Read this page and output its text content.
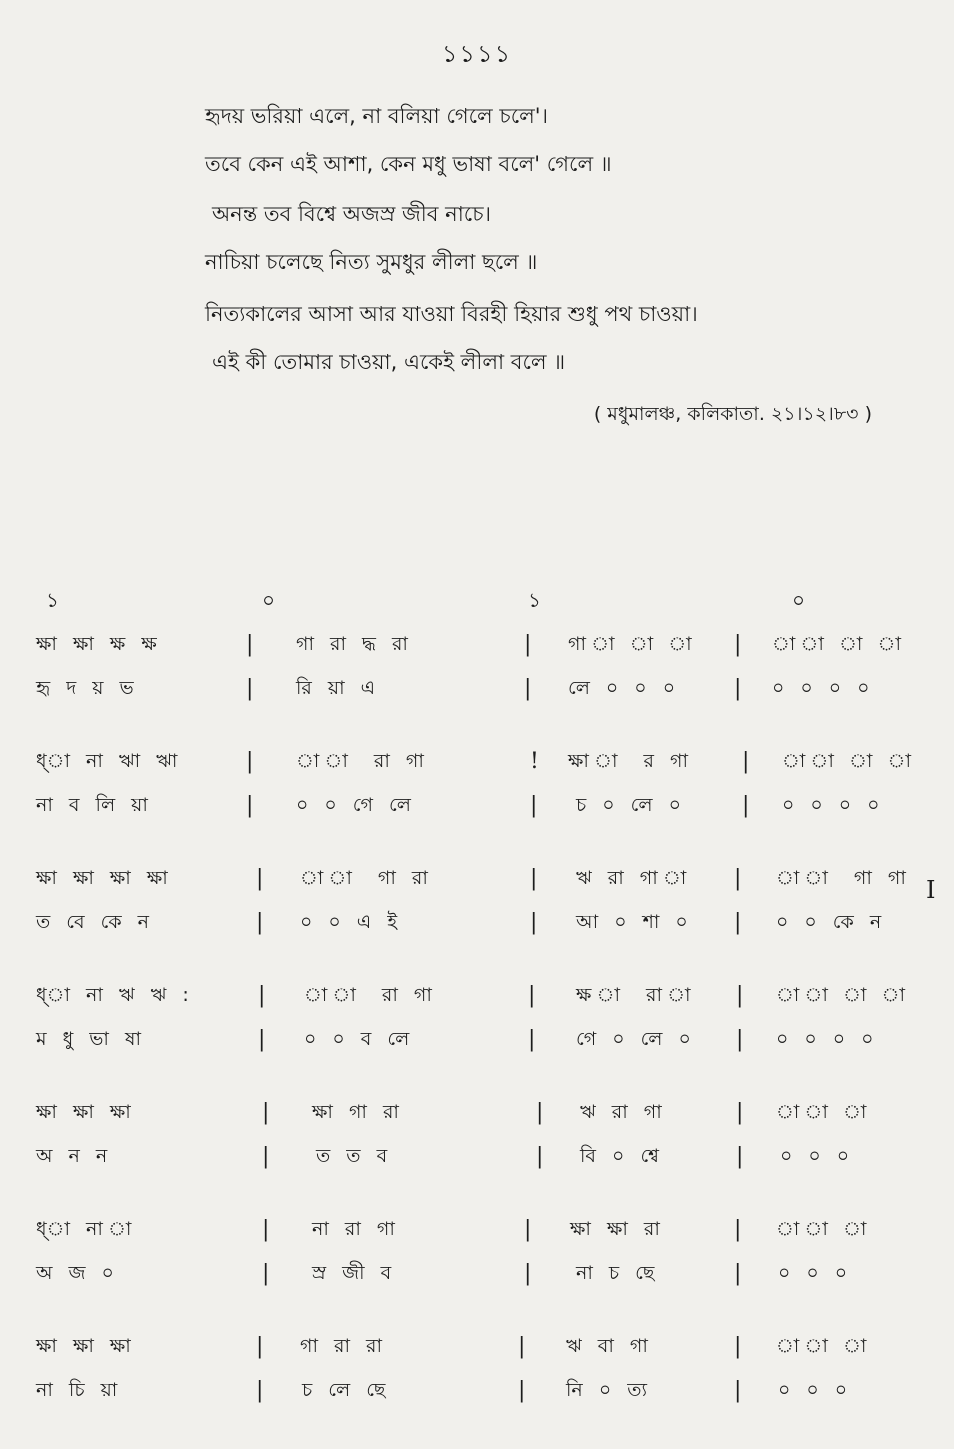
১১১১
হৃদয় ভরিয়া এলে, না বলিয়া গেলে চলে'।
তবে কেন এই আশা, কেন মধু ভাষা বলে' গেলে ॥
অনন্ত তব বিশ্বে অজস্র জীব নাচে।
নাচিয়া চলেছে নিত্য সুমধুর লীলা ছলে ॥
নিত্যকালের আসা আর যাওয়া বিরহী হিয়ার শুধু পথ চাওয়া।
এই কী তোমার চাওয়া, একেই লীলা বলে ॥
( মধুমালঞ্চ, কলিকাতা. ২১।১২।৮৩ )
১	০	১	০
ক্ষা ক্ষা ক্ষ ক্ষ	| গা রা দ্ধ রা	| গা া া া | া া া া
হৃ দ য় ভ	| রি য়া এ	| লে ০ ০ ০	| ০ ০ ০ ০
ধ্া না ঋা ঋা	| া া রা গা	! ক্ষা া র গা | া া া া
না ব লি য়া	| ০ ০ গে লে	| চ ০ লে ০	| ০ ০ ০ ০
ক্ষা ক্ষা ক্ষা ক্ষা	| া া গা রা	| ঋ রা গা া | া া গা গা
ত বে কে ন	| ০ ০ এ ই	| আ ০ শা ০ | ০ ০ কে ন
ধ্া না ঋ ঋ :	| া া রা গা	| ক্ষ া রা া | া া া া
ম ধু ভা ষা	| ০ ০ ব লে	| গে ০ লে ০ | ০ ০ ০ ০
ক্ষা ক্ষা ক্ষা	| ক্ষা গা রা	| ঋ রা গা	| া া া
অ ন ন	| ত ত ব	| বি ০ শ্বে	| ০ ০ ০
ধ্া না া	| না রা গা	| ক্ষা ক্ষা রা	| া া া
অ জ ০	| স্র জী ব	| না চ ছে	| ০ ০ ০
ক্ষা ক্ষা ক্ষা	| গা রা রা	| ঋ বা গা	| া া া
না চি য়া	| চ লে ছে	| নি ০ ত্য	| ০ ০ ০
I
